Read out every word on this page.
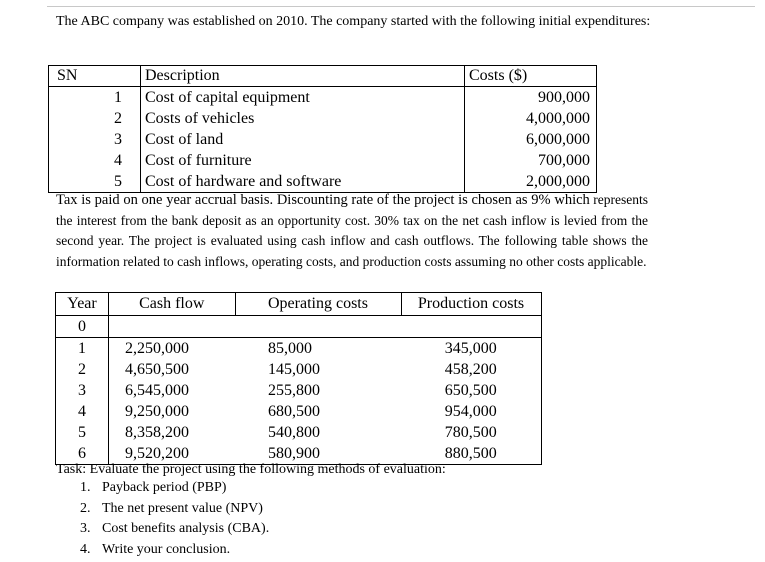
The ABC company was established on 2010. The company started with the following initial expenditures:
SN	Description	Costs ($)
1	Cost of capital equipment	900,000
2	Costs of vehicles	4,000,000
3	Cost of land	6,000,000
4	Cost of furniture	700,000
5	Cost of hardware and software	2,000,000
Tax is paid on one year accrual basis. Discounting rate of the project is chosen as 9% which represents the interest from the bank deposit as an opportunity cost. 30% tax on the net cash inflow is levied from the second year. The project is evaluated using cash inflow and cash outflows. The following table shows the information related to cash inflows, operating costs, and production costs assuming no other costs applicable.
Year	Cash flow	Operating costs	Production costs
0			
1	2,250,000	85,000	345,000
2	4,650,500	145,000	458,200
3	6,545,000	255,800	650,500
4	9,250,000	680,500	954,000
5	8,358,200	540,800	780,500
6	9,520,200	580,900	880,500
Task: Evaluate the project using the following methods of evaluation:
1. Payback period (PBP)
2. The net present value (NPV)
3. Cost benefits analysis (CBA).
4. Write your conclusion.
